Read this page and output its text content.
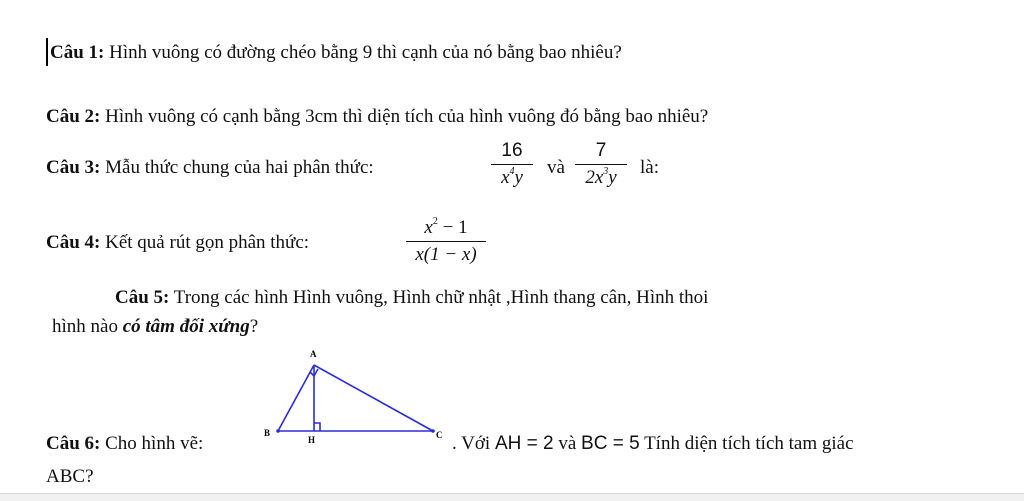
Câu 1: Hình vuông có đường chéo bằng 9 thì cạnh của nó bằng bao nhiêu?
Câu 2: Hình vuông có cạnh bằng 3cm thì diện tích của hình vuông đó bằng bao nhiêu?
Câu 3: Mẫu thức chung của hai phân thức:
16
$x^4y$	và
7
$2x^3y$	là:
Câu 4: Kết quả rút gọn phân thức:
$x^2 - 1$
x(1 − x)
Câu 5: Trong các hình Hình vuông, Hình chữ nhật ,Hình thang cân, Hình thoi
hình nào có tâm đối xứng?
Câu 6: Cho hình vẽ:	. Với AH = 2 và BC = 5 Tính diện tích tích tam giác
ABC?
A
B
H	C
